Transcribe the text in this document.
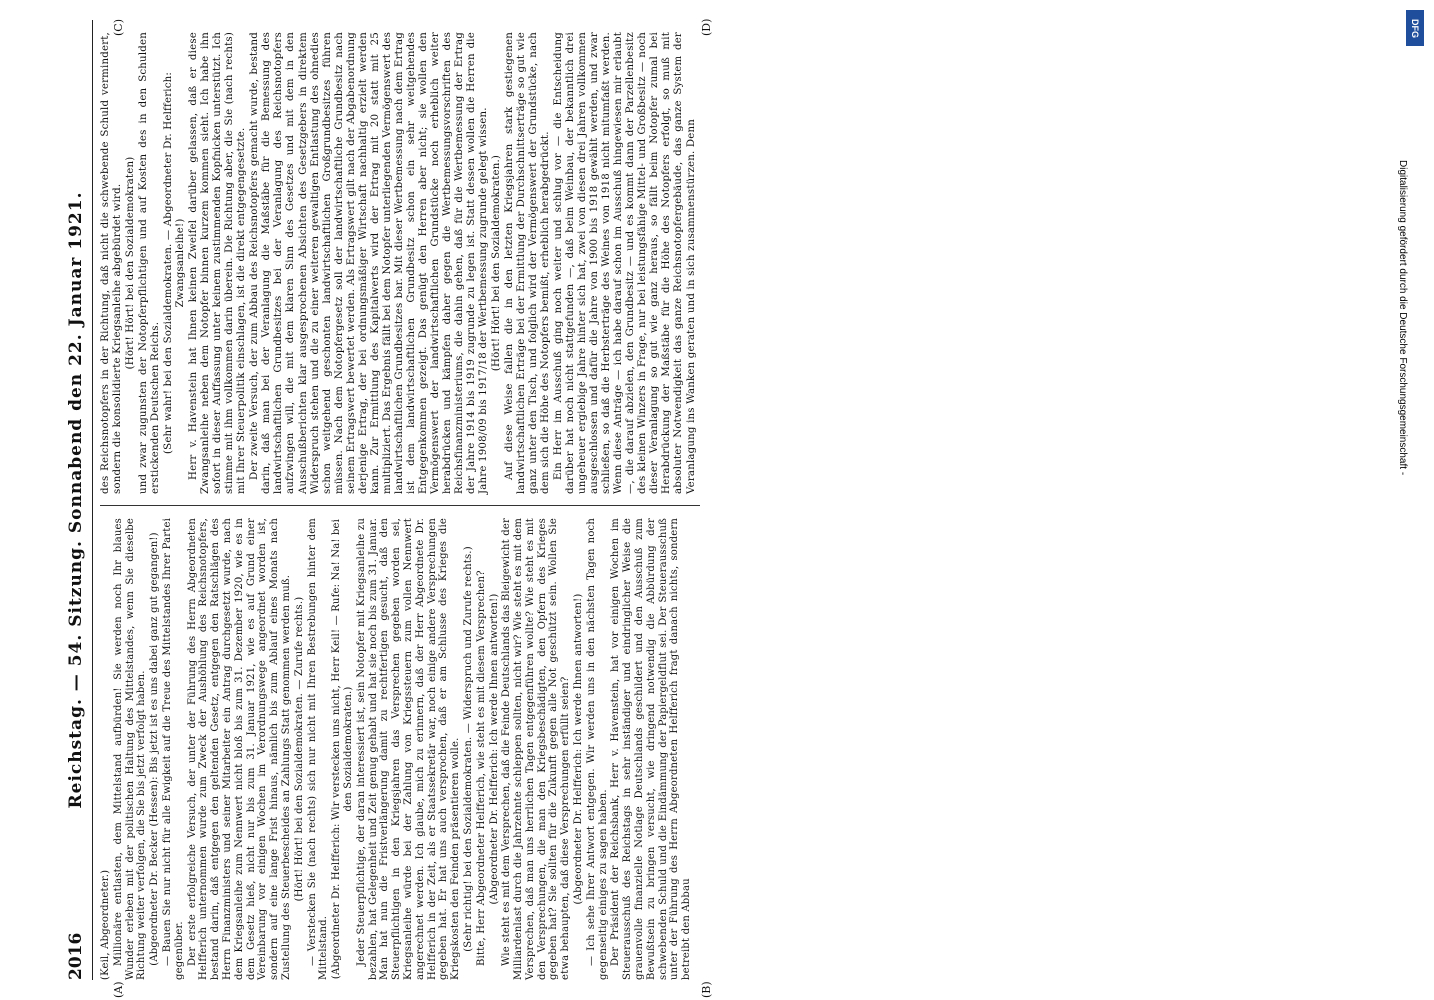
2016
Reichstag. — 54. Sitzung. Sonnabend den 22. Januar 1921.
(A)	(B)
(C)	(D)

(Keil, Abgeordneter.) Millionäre entlasten, dem Mittelstand aufbürden! Sie werden noch Ihr blaues Wunder erleben mit der politischen Haltung des Mittelstandes, wenn Sie dieselbe Richtung weiter verfolgen, die Sie bis jetzt verfolgt haben. (Abgeordneter Dr. Becker (Hessen): Bis jetzt ist es uns dabei ganz gut gegangen!) — Bauen Sie nur nicht für alle Ewigkeit auf die Treue des Mittelstandes Ihrer Partei gegenüber. Der erste erfolgreiche Versuch, der unter der Führung des Herrn Abgeordneten Helfferich unternommen wurde zum Zweck der Aushöhlung des Reichsnotopfers, bestand darin, daß entgegen den geltenden Gesetz, entgegen den Ratschlägen des Herrn Finanzministers und seiner Mitarbeiter ein Antrag durchgesetzt wurde, nach dem Kriegsanleihe zum Nennwert nicht bloß bis zum 31. Dezember 1920, wie es in dem Gesetz hieß, nicht nur bis zum 31. Januar 1921, wie es auf Grund einer Vereinbarung vor einigen Wochen im Verordnungswege angeordnet worden ist, sondern auf eine lange Frist hinaus, nämlich bis zum Ablauf eines Monats nach Zustellung des Steuerbescheides an Zahlungs Statt genommen werden muß. (Hört! Hört! bei den Sozialdemokraten. — Zurufe rechts.) — Verstecken Sie (nach rechts) sich nur nicht mit Ihren Bestrebungen hinter dem Mittelstand. (Abgeordneter Dr. Helfferich: Wir verstecken uns nicht, Herr Keil! — Rufe: Na! Na! bei den Sozialdemokraten.) Jeder Steuerpflichtige, der daran interessiert ist, sein Notopfer mit Kriegsanleihe zu bezahlen, hat Gelegenheit und Zeit genug gehabt und hat sie noch bis zum 31. Januar. Man hat nun die Fristverlängerung damit zu rechtfertigen gesucht, daß den Steuerpflichtigen in den Kriegsjahren das Versprechen gegeben worden sei, Kriegsanleihe würde bei der Zahlung von Kriegssteuern zum vollen Nennwert angerechnet werden. Ich glaube, mich zu erinnern, daß der Herr Abgeordnete Dr. Helfferich in der Zeit, als er Staatssekretär war, noch einige andere Versprechungen gegeben hat. Er hat uns auch versprochen, daß er am Schlusse des Krieges die Kriegskosten den Feinden präsentieren wolle. (Sehr richtig! bei den Sozialdemokraten. — Widerspruch und Zurufe rechts.) Bitte, Herr Abgeordneter Helfferich, wie steht es mit diesem Versprechen? (Abgeordneter Dr. Helfferich: Ich werde Ihnen antworten!) Wie steht es mit dem Versprechen, daß die Feinde Deutschlands das Bleigewicht der Milliardenlast durch die Jahrzehnte schleppen sollten, nicht wir? Wie steht es mit dem Versprechen, daß man uns herrlichen Tagen entgegenführen wollte? Wie steht es mit den Versprechungen, die man den Kriegsbeschädigten, den Opfern des Krieges gegeben hat? Sie sollten für die Zukunft gegen alle Not geschützt sein. Wollen Sie etwa behaupten, daß diese Versprechungen erfüllt seien? (Abgeordneter Dr. Helfferich: Ich werde Ihnen antworten!) — Ich sehe Ihrer Antwort entgegen. Wir werden uns in den nächsten Tagen noch gegenseitig einiges zu sagen haben. Der Präsident der Reichsbank, Herr v. Havenstein, hat vor einigen Wochen im Steuerausschuß des Reichstags in sehr inständiger und eindringlicher Weise die grauenvolle finanzielle Notlage Deutschlands geschildert und den Ausschuß zum Bewußtsein zu bringen versucht, wie dringend notwendig die Abbürdung der schwebenden Schuld und die Eindämmung der Papiergeldflut sei. Der Steuerausschuß unter der Führung des Herrn Abgeordneten Helfferich fragt danach nichts, sondern betreibt den Abbau

des Reichsnotopfers in der Richtung, daß nicht die schwebende Schuld vermindert, sondern die konsolidierte Kriegsanleihe abgebürdet wird. (Hört! Hört! bei den Sozialdemokraten) und zwar zugunsten der Notopferpflichtigen und auf Kosten des in den Schulden erstickenden Deutschen Reichs. (Sehr wahr! bei den Sozialdemokraten. — Abgeordneter Dr. Helfferich: Zwangsanleihe!) Herr v. Havenstein hat Ihnen keinen Zweifel darüber gelassen, daß er diese Zwangsanleihe neben dem Notopfer binnen kurzem kommen sieht. Ich habe ihn sofort in dieser Auffassung unter keinem zustimmenden Kopfnicken unterstützt. Ich stimme mit ihm vollkommen darin überein. Die Richtung aber, die Sie (nach rechts) mit Ihrer Steuerpolitik einschlagen, ist die direkt entgegengesetzte. Der zweite Versuch, der zum Abbau des Reichsnotopfers gemacht wurde, bestand darin, daß man bei der Veranlagung die Maßstäbe für die Bemessung des landwirtschaftlichen Grundbesitzes bei der Veranlagung des Reichsnotopfers aufzwingen will, die mit dem klaren Sinn des Gesetzes und mit dem in den Ausschußberichten klar ausgesprochenen Absichten des Gesetzgebers in direktem Widerspruch stehen und die zu einer weiteren gewaltigen Entlastung des ohnedies schon weitgehend geschonten landwirtschaftlichen Großgrundbesitzes führen müssen. Nach dem Notopfergesetz soll der landwirtschaftliche Grundbesitz nach seinem Ertragswert bewertet werden. Als Ertragswert gilt nach der Abgabenordnung derjenige Ertrag, der bei ordnungsmäßiger Wirtschaft nachhaltig erzielt werden kann. Zur Ermittlung des Kapitalwerts wird der Ertrag mit 20 statt mit 25 multipliziert. Das Ergebnis fällt bei dem Notopfer unterliegenden Vermögenswert des landwirtschaftlichen Grundbesitzes bar. Mit dieser Wertbemessung nach dem Ertrag ist dem landwirtschaftlichen Grundbesitz schon ein sehr weitgehendes Entgegenkommen gezeigt. Das genügt den Herren aber nicht; sie wollen den Vermögenswert der landwirtschaftlichen Grundstücke noch erheblich weiter herabdrücken und kämpfen daher gegen die Wertbemessungsvorschriften des Reichsfinanzministeriums, die dahin gehen, daß für die Wertbemessung der Ertrag der Jahre 1914 bis 1919 zugrunde zu legen ist. Statt dessen wollen die Herren die Jahre 1908/09 bis 1917/18 der Wertbemessung zugrunde gelegt wissen. (Hört! Hört! bei den Sozialdemokraten.) Auf diese Weise fallen die in den letzten Kriegsjahren stark gestiegenen landwirtschaftlichen Erträge bei der Ermittlung der Durchschnittserträge so gut wie ganz unter den Tisch, und folglich wird der Vermögenswert der Grundstücke, nach dem sich die Höhe des Notopfers bemißt, erheblich herabgedrückt. Ein Herr im Ausschuß ging noch weiter und schlug vor — die Entscheidung darüber hat noch nicht stattgefunden —, daß beim Weinbau, der bekanntlich drei ungeheuer ergiebige Jahre hinter sich hat, zwei von diesen drei Jahren vollkommen ausgeschlossen und dafür die Jahre von 1900 bis 1918 gewählt werden, und zwar schließen, so daß die Herbsterträge des Weines von 1918 nicht mitumfaßt werden. Wenn diese Anträge — ich habe darauf schon im Ausschuß hingewiesen mir erlaubt —, die darauf abzielen, den Grundbesitz — und es kommt dann der Parzellenbesitz des kleinen Winzers in Frage, nur bei leistungsfähige Mittel- und Großbesitz — noch dieser Veranlagung so gut wie ganz heraus, so fällt beim Notopfer zumal bei Herabdrückung der Maßstäbe für die Höhe des Notopfers erfolgt, so muß mit absoluter Notwendigkeit das ganze Reichsnotopfergebäude, das ganze System der Veranlagung ins Wanken geraten und in sich zusammenstürzen. Denn

DFG
Digitalisierung gefördert durch die Deutsche Forschungsgemeinschaft -
